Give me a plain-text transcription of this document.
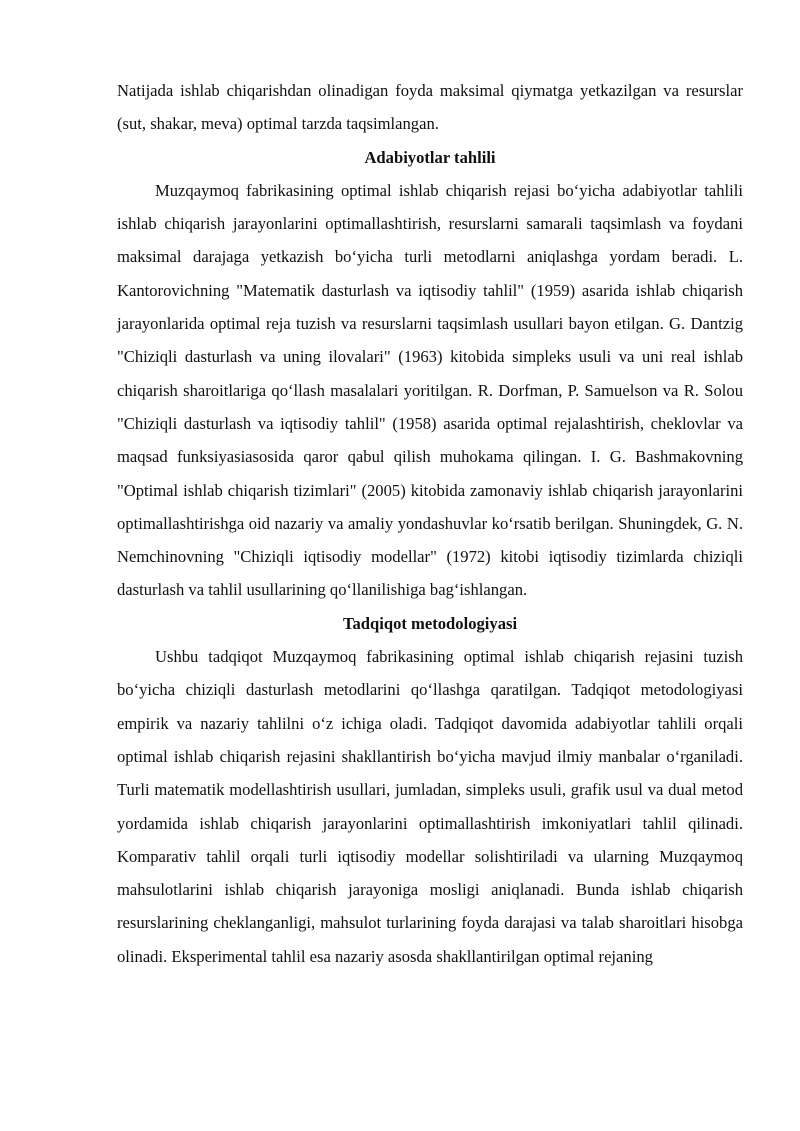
Natijada ishlab chiqarishdan olinadigan foyda maksimal qiymatga yetkazilgan va resurslar (sut, shakar, meva) optimal tarzda taqsimlangan.

Adabiyotlar tahlili

Muzqaymoq fabrikasining optimal ishlab chiqarish rejasi bo‘yicha adabiyotlar tahlili ishlab chiqarish jarayonlarini optimallashtirish, resurslarni samarali taqsimlash va foydani maksimal darajaga yetkazish bo‘yicha turli metodlarni aniqlashga yordam beradi. L. Kantorovichning "Matematik dasturlash va iqtisodiy tahlil" (1959) asarida ishlab chiqarish jarayonlarida optimal reja tuzish va resurslarni taqsimlash usullari bayon etilgan. G. Dantzig "Chiziqli dasturlash va uning ilovalari" (1963) kitobida simpleks usuli va uni real ishlab chiqarish sharoitlariga qo‘llash masalalari yoritilgan. R. Dorfman, P. Samuelson va R. Solou "Chiziqli dasturlash va iqtisodiy tahlil" (1958) asarida optimal rejalashtirish, cheklovlar va maqsad funksiyasiasosida qaror qabul qilish muhokama qilingan. I. G. Bashmakovning "Optimal ishlab chiqarish tizimlari" (2005) kitobida zamonaviy ishlab chiqarish jarayonlarini optimallashtirishga oid nazariy va amaliy yondashuvlar ko‘rsatib berilgan. Shuningdek, G. N. Nemchinovning "Chiziqli iqtisodiy modellar" (1972) kitobi iqtisodiy tizimlarda chiziqli dasturlash va tahlil usullarining qo‘llanilishiga bag‘ishlangan.

Tadqiqot metodologiyasi

Ushbu tadqiqot Muzqaymoq fabrikasining optimal ishlab chiqarish rejasini tuzish bo‘yicha chiziqli dasturlash metodlarini qo‘llashga qaratilgan. Tadqiqot metodologiyasi empirik va nazariy tahlilni o‘z ichiga oladi. Tadqiqot davomida adabiyotlar tahlili orqali optimal ishlab chiqarish rejasini shakllantirish bo‘yicha mavjud ilmiy manbalar o‘rganiladi. Turli matematik modellashtirish usullari, jumladan, simpleks usuli, grafik usul va dual metod yordamida ishlab chiqarish jarayonlarini optimallashtirish imkoniyatlari tahlil qilinadi. Komparativ tahlil orqali turli iqtisodiy modellar solishtiriladi va ularning Muzqaymoq mahsulotlarini ishlab chiqarish jarayoniga mosligi aniqlanadi. Bunda ishlab chiqarish resurslarining cheklanganligi, mahsulot turlarining foyda darajasi va talab sharoitlari hisobga olinadi. Eksperimental tahlil esa nazariy asosda shakllantirilgan optimal rejaning
